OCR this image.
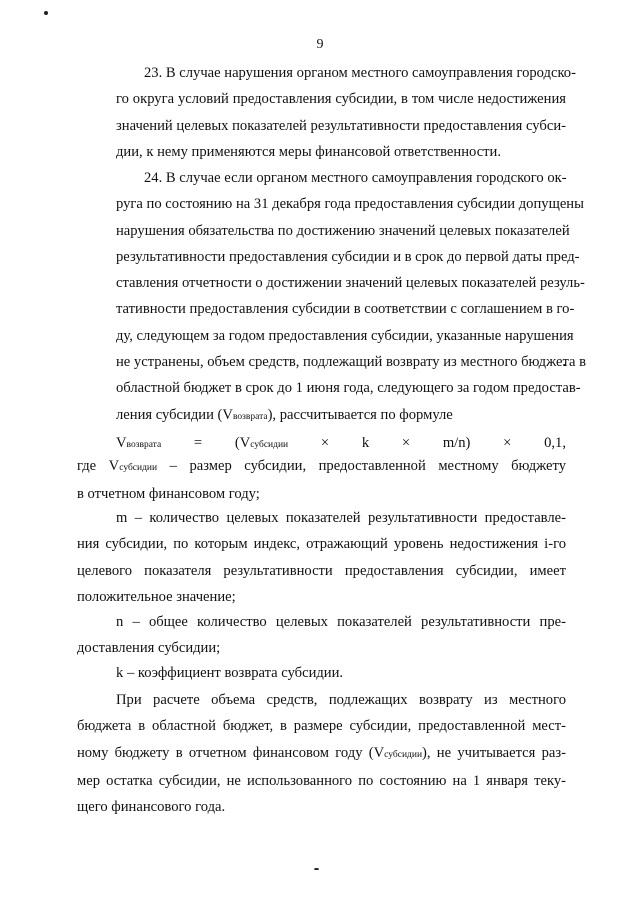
9
23. В случае нарушения органом местного самоуправления городско-
го округа условий предоставления субсидии, в том числе недостижения
значений целевых показателей результативности предоставления субси-
дии, к нему применяются меры финансовой ответственности.
24. В случае если органом местного самоуправления городского ок-
руга по состоянию на 31 декабря года предоставления субсидии допущены
нарушения обязательства по достижению значений целевых показателей
результативности предоставления субсидии и в срок до первой даты пред-
ставления отчетности о достижении значений целевых показателей резуль-
тативности предоставления субсидии в соответствии с соглашением в го-
ду, следующем за годом предоставления субсидии, указанные нарушения
не устранены, объем средств, подлежащий возврату из местного бюджета в
областной бюджет в срок до 1 июня года, следующего за годом предостав-
ления субсидии (Vвозврата), рассчитывается по формуле
Vвозврата = (Vсубсидии × k × m/n) × 0,1,
где Vсубсидии – размер субсидии, предоставленной местному бюджету
в отчетном финансовом году;
m – количество целевых показателей результативности предоставле-
ния субсидии, по которым индекс, отражающий уровень недостижения i-го
целевого показателя результативности предоставления субсидии, имеет
положительное значение;
n – общее количество целевых показателей результативности пре-
доставления субсидии;
k – коэффициент возврата субсидии.
При расчете объема средств, подлежащих возврату из местного
бюджета в областной бюджет, в размере субсидии, предоставленной мест-
ному бюджету в отчетном финансовом году (Vсубсидии), не учитывается раз-
мер остатка субсидии, не использованного по состоянию на 1 января теку-
щего финансового года.
